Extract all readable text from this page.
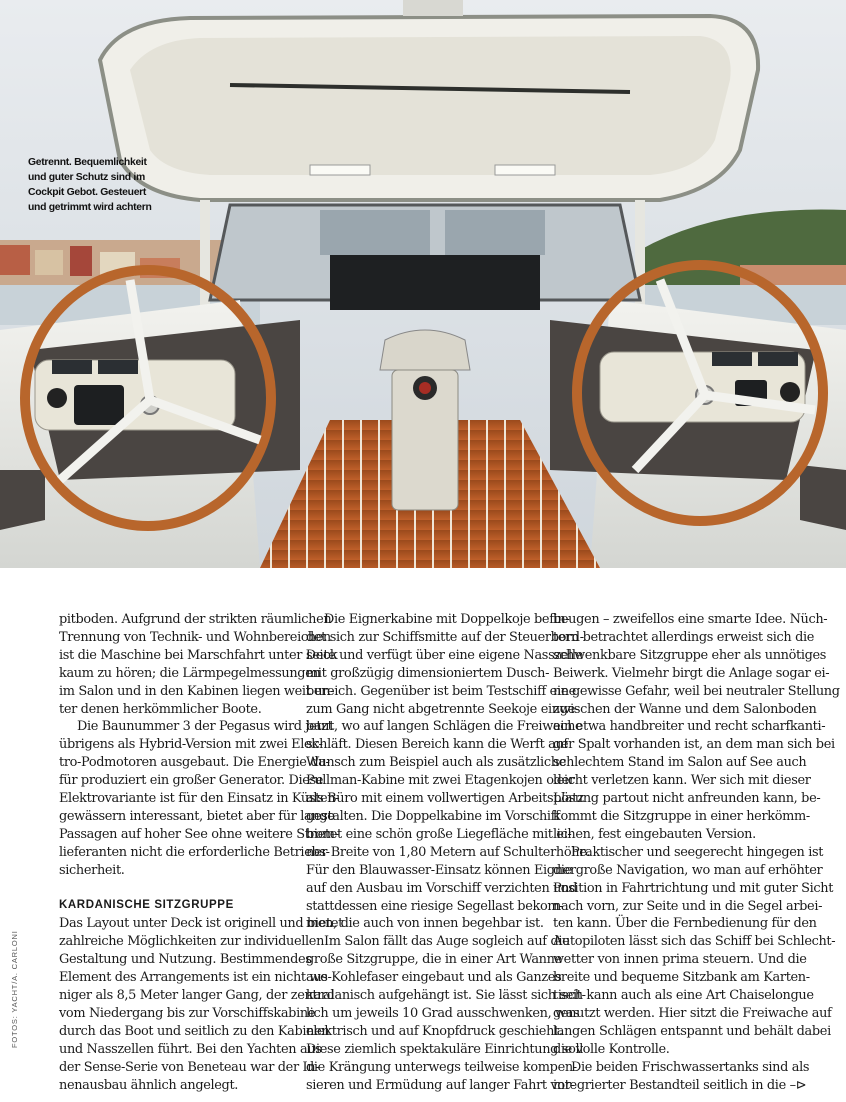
Getrennt. Bequemlichkeit
und guter Schutz sind im
Cockpit Gebot. Gesteuert
und getrimmt wird achtern
pitboden. Aufgrund der strikten räumlichen
Trennung von Technik- und Wohnbereichen
ist die Maschine bei Marschfahrt unter Deck
kaum zu hören; die Lärmpegelmessungen
im Salon und in den Kabinen liegen weit un-
ter denen herkömmlicher Boote.
Die Baunummer 3 der Pegasus wird jetzt
übrigens als Hybrid-Version mit zwei Elek-
tro-Podmotoren ausgebaut. Die Energie da-
für produziert ein großer Generator. Diese
Elektrovariante ist für den Einsatz in Küsten-
gewässern interessant, bietet aber für lange
Passagen auf hoher See ohne weitere Strom-
lieferanten nicht die erforderliche Betriebs-
sicherheit.
KARDANISCHE SITZGRUPPE
Das Layout unter Deck ist originell und bietet
zahlreiche Möglichkeiten zur individuellen
Gestaltung und Nutzung. Bestimmendes
Element des Arrangements ist ein nicht we-
niger als 8,5 Meter langer Gang, der zentral
vom Niedergang bis zur Vorschiffskabine
durch das Boot und seitlich zu den Kabinen
und Nasszellen führt. Bei den Yachten aus
der Sense-Serie von Beneteau war der In-
nenausbau ähnlich angelegt.
Die Eignerkabine mit Doppelkoje befin-
det sich zur Schiffsmitte auf der Steuerbord-
seite und verfügt über eine eigene Nasszelle
mit großzügig dimensioniertem Dusch-
bereich. Gegenüber ist beim Testschiff eine
zum Gang nicht abgetrennte Seekoje einge-
baut, wo auf langen Schlägen die Freiwache
schläft. Diesen Bereich kann die Werft auf
Wunsch zum Beispiel auch als zusätzliche
Pullman-Kabine mit zwei Etagenkojen oder
als Büro mit einem vollwertigen Arbeitsplatz
gestalten. Die Doppelkabine im Vorschiff
bietet eine schön große Liegefläche mit ei-
ner Breite von 1,80 Metern auf Schulterhöhe.
Für den Blauwasser-Einsatz können Eigner
auf den Ausbau im Vorschiff verzichten und
stattdessen eine riesige Segellast bekom-
men, die auch von innen begehbar ist.
Im Salon fällt das Auge sogleich auf die
große Sitzgruppe, die in einer Art Wanne
aus Kohlefaser eingebaut und als Ganzes
kardanisch aufgehängt ist. Sie lässt sich seit-
lich um jeweils 10 Grad ausschwenken, was
elektrisch und auf Knopfdruck geschieht.
Diese ziemlich spektakuläre Einrichtung soll
die Krängung unterwegs teilweise kompen-
sieren und Ermüdung auf langer Fahrt vor-
beugen – zweifellos eine smarte Idee. Nüch-
tern betrachtet allerdings erweist sich die
schwenkbare Sitzgruppe eher als unnötiges
Beiwerk. Vielmehr birgt die Anlage sogar ei-
ne gewisse Gefahr, weil bei neutraler Stellung
zwischen der Wanne und dem Salonboden
ein etwa handbreiter und recht scharfkanti-
ger Spalt vorhanden ist, an dem man sich bei
schlechtem Stand im Salon auf See auch
leicht verletzen kann. Wer sich mit dieser
Lösung partout nicht anfreunden kann, be-
kommt die Sitzgruppe in einer herkömm-
lichen, fest eingebauten Version.
Praktischer und seegerecht hingegen ist
die große Navigation, wo man auf erhöhter
Position in Fahrtrichtung und mit guter Sicht
nach vorn, zur Seite und in die Segel arbei-
ten kann. Über die Fernbedienung für den
Autopiloten lässt sich das Schiff bei Schlecht-
wetter von innen prima steuern. Und die
breite und bequeme Sitzbank am Karten-
tisch kann auch als eine Art Chaiselongue
genutzt werden. Hier sitzt die Freiwache auf
langen Schlägen entspannt und behält dabei
die volle Kontrolle.
Die beiden Frischwassertanks sind als
integrierter Bestandteil seitlich in die –⊳
FOTOS: YACHT/A. CARLONI
